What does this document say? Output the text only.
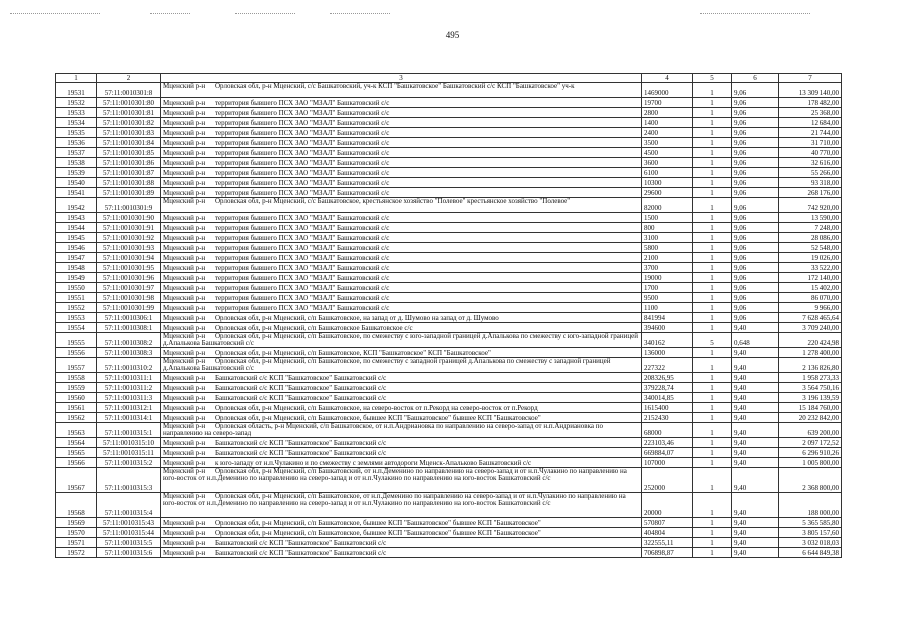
495
1	2	3	4	5	6	7
19531	57:11:0010301:8	Мценский р-н Орловская обл, р-н Мценский, с/с Башкатовский, уч-к КСП "Башкатовское" Башкатовский с/с КСП "Башкатовское" уч-к	1469000	1	9,06	13 309 140,00
19532	57:11:0010301:80	Мценский р-н территория бывшего ПСХ ЗАО "МЗАЛ" Башкатовский с/с	19700	1	9,06	178 482,00
19533	57:11:0010301:81	Мценский р-н территория бывшего ПСХ ЗАО "МЗАЛ" Башкатовский с/с	2800	1	9,06	25 368,00
19534	57:11:0010301:82	Мценский р-н территория бывшего ПСХ ЗАО "МЗАЛ" Башкатовский с/с	1400	1	9,06	12 684,00
19535	57:11:0010301:83	Мценский р-н территория бывшего ПСХ ЗАО "МЗАЛ" Башкатовский с/с	2400	1	9,06	21 744,00
19536	57:11:0010301:84	Мценский р-н территория бывшего ПСХ ЗАО "МЗАЛ" Башкатовский с/с	3500	1	9,06	31 710,00
19537	57:11:0010301:85	Мценский р-н территория бывшего ПСХ ЗАО "МЗАЛ" Башкатовский с/с	4500	1	9,06	40 770,00
19538	57:11:0010301:86	Мценский р-н территория бывшего ПСХ ЗАО "МЗАЛ" Башкатовский с/с	3600	1	9,06	32 616,00
19539	57:11:0010301:87	Мценский р-н территория бывшего ПСХ ЗАО "МЗАЛ" Башкатовский с/с	6100	1	9,06	55 266,00
19540	57:11:0010301:88	Мценский р-н территория бывшего ПСХ ЗАО "МЗАЛ" Башкатовский с/с	10300	1	9,06	93 318,00
19541	57:11:0010301:89	Мценский р-н территория бывшего ПСХ ЗАО "МЗАЛ" Башкатовский с/с	29600	1	9,06	268 176,00
19542	57:11:0010301:9	Мценский р-н Орловская обл, р-н Мценский, с/с Башкатовское, крестьянское хозяйство "Полевое" крестьянское хозяйство "Полевое"	82000	1	9,06	742 920,00
19543	57:11:0010301:90	Мценский р-н территория бывшего ПСХ ЗАО "МЗАЛ" Башкатовский с/с	1500	1	9,06	13 590,00
19544	57:11:0010301:91	Мценский р-н территория бывшего ПСХ ЗАО "МЗАЛ" Башкатовский с/с	800	1	9,06	7 248,00
19545	57:11:0010301:92	Мценский р-н территория бывшего ПСХ ЗАО "МЗАЛ" Башкатовский с/с	3100	1	9,06	28 086,00
19546	57:11:0010301:93	Мценский р-н территория бывшего ПСХ ЗАО "МЗАЛ" Башкатовский с/с	5800	1	9,06	52 548,00
19547	57:11:0010301:94	Мценский р-н территория бывшего ПСХ ЗАО "МЗАЛ" Башкатовский с/с	2100	1	9,06	19 026,00
19548	57:11:0010301:95	Мценский р-н территория бывшего ПСХ ЗАО "МЗАЛ" Башкатовский с/с	3700	1	9,06	33 522,00
19549	57:11:0010301:96	Мценский р-н территория бывшего ПСХ ЗАО "МЗАЛ" Башкатовский с/с	19000	1	9,06	172 140,00
19550	57:11:0010301:97	Мценский р-н территория бывшего ПСХ ЗАО "МЗАЛ" Башкатовский с/с	1700	1	9,06	15 402,00
19551	57:11:0010301:98	Мценский р-н территория бывшего ПСХ ЗАО "МЗАЛ" Башкатовский с/с	9500	1	9,06	86 070,00
19552	57:11:0010301:99	Мценский р-н территория бывшего ПСХ ЗАО "МЗАЛ" Башкатовский с/с	1100	1	9,06	9 966,00
19553	57:11:0010306:1	Мценский р-н Орловская обл, р-н Мценский, с/п Башкатовское, на запад от д. Шумово на запад от д. Шумово	841994	1	9,06	7 628 465,64
19554	57:11:0010308:1	Мценский р-н Орловская обл, р-н Мценский, с/п Башкатовское Башкатовское с/с	394600	1	9,40	3 709 240,00
19555	57:11:0010308:2	Мценский р-н Орловская обл, р-н Мценский, с/п Башкатовское, по смежеству с юго-западной границей д.Апалькова по смежеству с юго-западной границей д.Апалькова Башкатовский с/с	340162	5	0,648	220 424,98
19556	57:11:0010308:3	Мценский р-н Орловская обл, р-н Мценский, с/п Башкатовское, КСП "Башкатовское" КСП "Башкатовское"	136000	1	9,40	1 278 400,00
19557	57:11:0010310:2	Мценский р-н Орловская обл, р-н Мценский, с/п Башкатовское, по смежеству с западной границей д.Апалькова по смежеству с западной границей д.Апалькова Башкатовский с/с	227322	1	9,40	2 136 826,80
19558	57:11:0010311:1	Мценский р-н Башкатовский с/с КСП "Башкатовское" Башкатовский с/с	208326,95	1	9,40	1 958 273,33
19559	57:11:0010311:2	Мценский р-н Башкатовский с/с КСП "Башкатовское" Башкатовский с/с	379228,74	1	9,40	3 564 750,16
19560	57:11:0010311:3	Мценский р-н Башкатовский с/с КСП "Башкатовское" Башкатовский с/с	340014,85	1	9,40	3 196 139,59
19561	57:11:0010312:1	Мценский р-н Орловская обл, р-н Мценский, с/п Башкатовское, на северо-восток от п.Рекорд на северо-восток от п.Рекорд	1615400	1	9,40	15 184 760,00
19562	57:11:0010314:1	Мценский р-н Орловская обл, р-н Мценский, с/п Башкатовское, бывшее КСП "Башкатовское" бывшее КСП "Башкатовское"	2152430	1	9,40	20 232 842,00
19563	57:11:0010315:1	Мценский р-н Орловская область, р-н Мценский, с/п Башкатовское, от н.п.Андриановка по направлению на северо-запад от н.п.Андриановка по направлению на северо-запад	68000	1	9,40	639 200,00
19564	57:11:0010315:10	Мценский р-н Башкатовский с/с КСП "Башкатовское" Башкатовский с/с	223103,46	1	9,40	2 097 172,52
19565	57:11:0010315:11	Мценский р-н Башкатовский с/с КСП "Башкатовское" Башкатовский с/с	669884,07	1	9,40	6 296 910,26
19566	57:11:0010315:2	Мценский р-н к юго-западу от н.п.Чулакино и по смежеству с землями автодороги Мценск-Апальково Башкатовский с/с	107000	1	9,40	1 005 800,00
19567	57:11:0010315:3	Мценский р-н Орловская обл, р-н Мценский, с/п Башкатовский, от н.п.Деменино по направлению на северо-запад и от н.п.Чулакино по направлению на юго-восток от н.п.Деменино по направлению на северо-запад и от н.п.Чулакино по направлению на юго-восток Башкатовский с/с	252000	1	9,40	2 368 800,00
19568	57:11:0010315:4	Мценский р-н Орловская обл, р-н Мценский, с/п Башкатовское, от н.п.Деменино по направлению на северо-запад и от н.п.Чулакино по направлению на юго-восток от н.п.Деменино по направлению на северо-запад и от н.п.Чулакино по направлению на юго-восток Башкатовский с/с	20000	1	9,40	188 000,00
19569	57:11:0010315:43	Мценский р-н Орловская обл, р-н Мценский, с/п Башкатовское, бывшее КСП "Башкатовское" бывшее КСП "Башкатовское"	570807	1	9,40	5 365 585,80
19570	57:11:0010315:44	Мценский р-н Орловская обл, р-н Мценский, с/п Башкатовское, бывшее КСП "Башкатовское" бывшее КСП "Башкатовское"	404804	1	9,40	3 805 157,60
19571	57:11:0010315:5	Мценский р-н Башкатовский с/с КСП "Башкатовское" Башкатовский с/с	322555,11	1	9,40	3 032 018,03
19572	57:11:0010315:6	Мценский р-н Башкатовский с/с КСП "Башкатовское" Башкатовский с/с	706898,87	1	9,40	6 644 849,38
